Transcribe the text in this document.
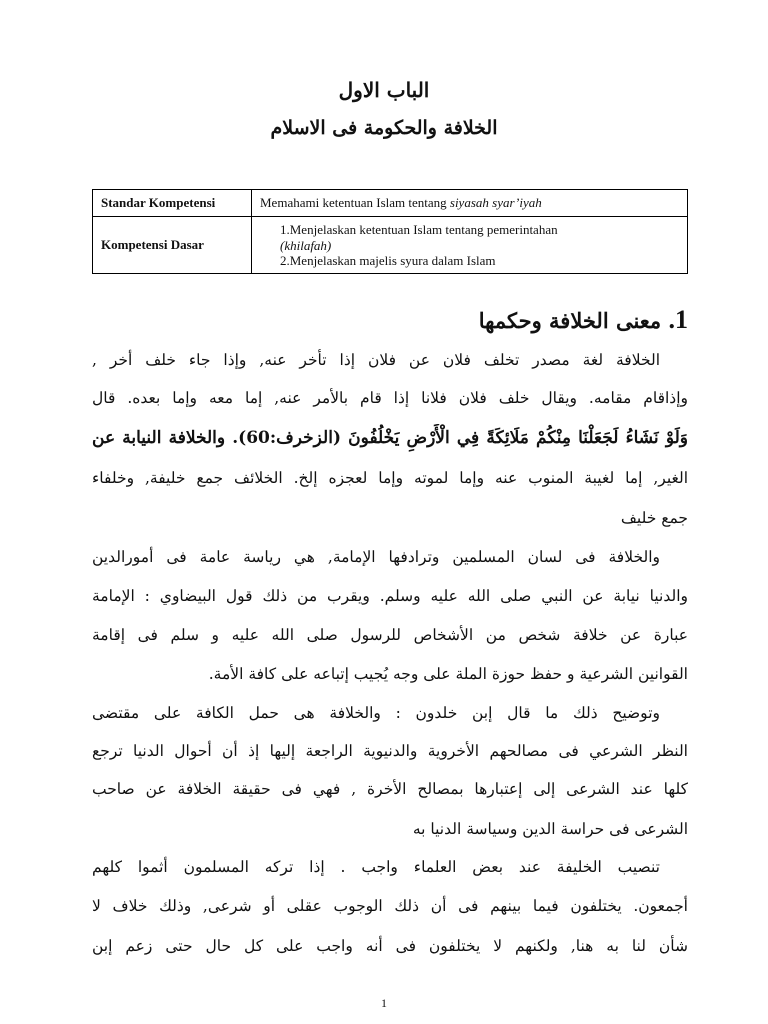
الباب الاول
الخلافة والحكومة فى الاسلام
Standar Kompetensi	Memahami ketentuan Islam tentang siyasah syar’iyah
Kompetensi Dasar	1.Menjelaskan ketentuan Islam tentang pemerintahan
(khilafah)
2.Menjelaskan majelis syura dalam Islam
1. معنى الخلافة وحكمها
الخلافة لغة مصدر تخلف فلان عن فلان إذا تأخر عنه, وإذا جاء خلف أخر ,
وإذاقام مقامه. ويقال خلف فلان فلانا إذا قام بالأمر عنه, إما معه وإما بعده. قال
وَلَوْ نَشَاءُ لَجَعَلْنَا مِنْكُمْ مَلَائِكَةً فِي الْأَرْضِ يَخْلُفُونَ (الزخرف:60). والخلافة النيابة عن
الغير, إما لغيبة المنوب عنه وإما لموته وإما لعجزه إلخ. الخلائف جمع خليفة, وخلفاء
جمع خليف
والخلافة فى لسان المسلمين وترادفها الإمامة, هي رياسة عامة فى أمورالدين
والدنيا نيابة عن النبي صلى الله عليه وسلم. ويقرب من ذلك قول البيضاوي : الإمامة
عبارة عن خلافة شخص من الأشخاص للرسول صلى الله عليه و سلم فى إقامة
القوانين الشرعية و حفظ حوزة الملة على وجه يُجيب إتباعه على كافة الأمة.
وتوضيح ذلك ما قال إبن خلدون : والخلافة هى حمل الكافة على مقتضى
النظر الشرعي فى مصالحهم الأخروية والدنيوية الراجعة إليها إذ أن أحوال الدنيا ترجع
كلها عند الشرعى إلى إعتبارها بمصالح الأخرة , فهي فى حقيقة الخلافة عن صاحب
الشرعى فى حراسة الدين وسياسة الدنيا به
تنصيب الخليفة عند بعض العلماء واجب . إذا تركه المسلمون أثموا كلهم
أجمعون. يختلفون فيما بينهم فى أن ذلك الوجوب عقلى أو شرعى, وذلك خلاف لا
شأن لنا به هنا, ولكنهم لا يختلفون فى أنه واجب على كل حال حتى زعم إبن
1
